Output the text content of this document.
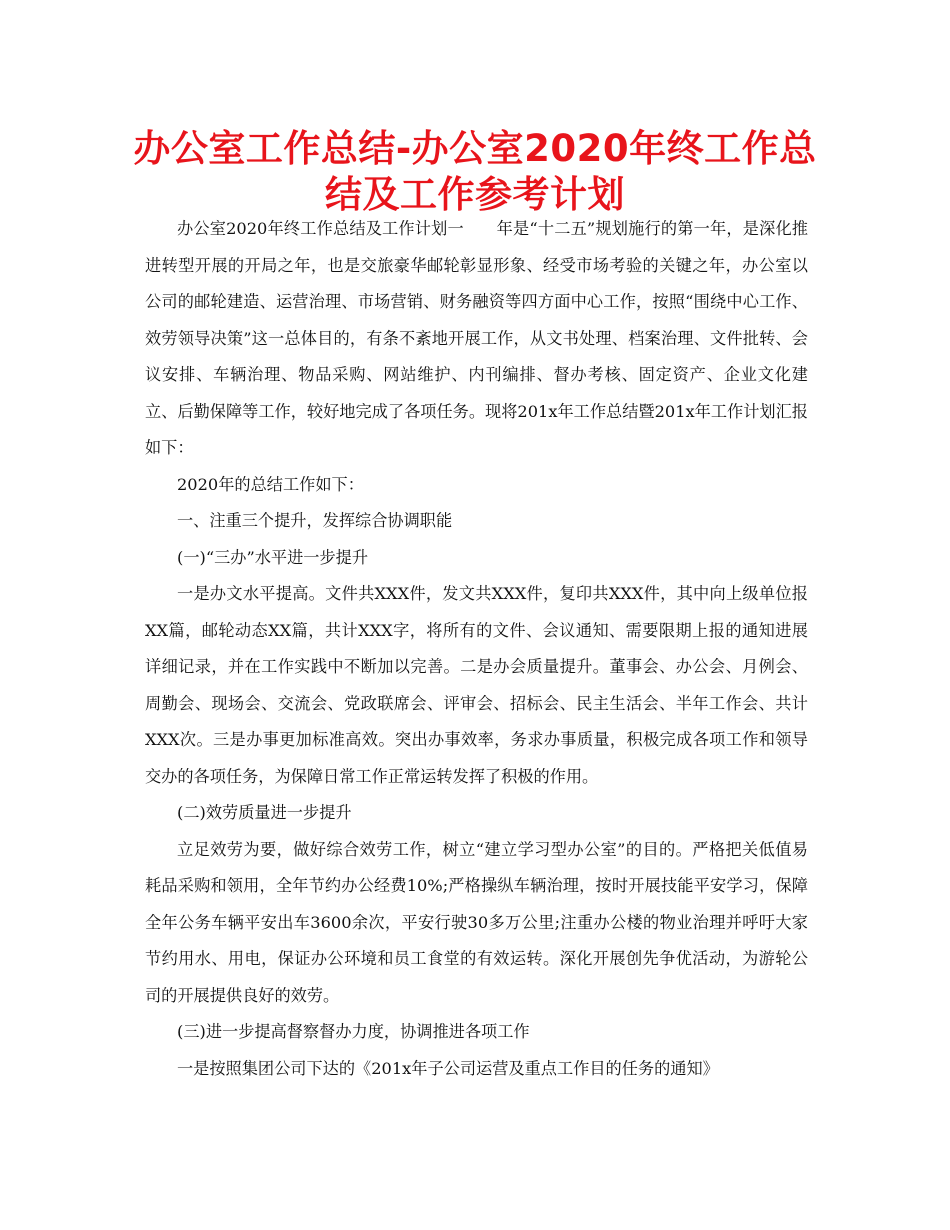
办公室工作总结-办公室2020年终工作总结及工作参考计划

办公室2020年终工作总结及工作计划一　　年是“十二五”规划施行的第一年，是深化推进转型开展的开局之年，也是交旅豪华邮轮彰显形象、经受市场考验的关键之年，办公室以公司的邮轮建造、运营治理、市场营销、财务融资等四方面中心工作，按照“围绕中心工作、效劳领导决策”这一总体目的，有条不紊地开展工作，从文书处理、档案治理、文件批转、会议安排、车辆治理、物品采购、网站维护、内刊编排、督办考核、固定资产、企业文化建立、后勤保障等工作，较好地完成了各项任务。现将201x年工作总结暨201x年工作计划汇报如下：

2020年的总结工作如下：

一、注重三个提升，发挥综合协调职能

(一)“三办”水平进一步提升

一是办文水平提高。文件共XXX件，发文共XXX件，复印共XXX件，其中向上级单位报XX篇，邮轮动态XX篇，共计XXX字，将所有的文件、会议通知、需要限期上报的通知进展详细记录，并在工作实践中不断加以完善。二是办会质量提升。董事会、办公会、月例会、周勤会、现场会、交流会、党政联席会、评审会、招标会、民主生活会、半年工作会、共计XXX次。三是办事更加标准高效。突出办事效率，务求办事质量，积极完成各项工作和领导交办的各项任务，为保障日常工作正常运转发挥了积极的作用。

(二)效劳质量进一步提升

立足效劳为要，做好综合效劳工作，树立“建立学习型办公室”的目的。严格把关低值易耗品采购和领用，全年节约办公经费10%;严格操纵车辆治理，按时开展技能平安学习，保障全年公务车辆平安出车3600余次，平安行驶30多万公里;注重办公楼的物业治理并呼吁大家节约用水、用电，保证办公环境和员工食堂的有效运转。深化开展创先争优活动，为游轮公司的开展提供良好的效劳。

(三)进一步提高督察督办力度，协调推进各项工作

一是按照集团公司下达的《201x年子公司运营及重点工作目的任务的通知》
